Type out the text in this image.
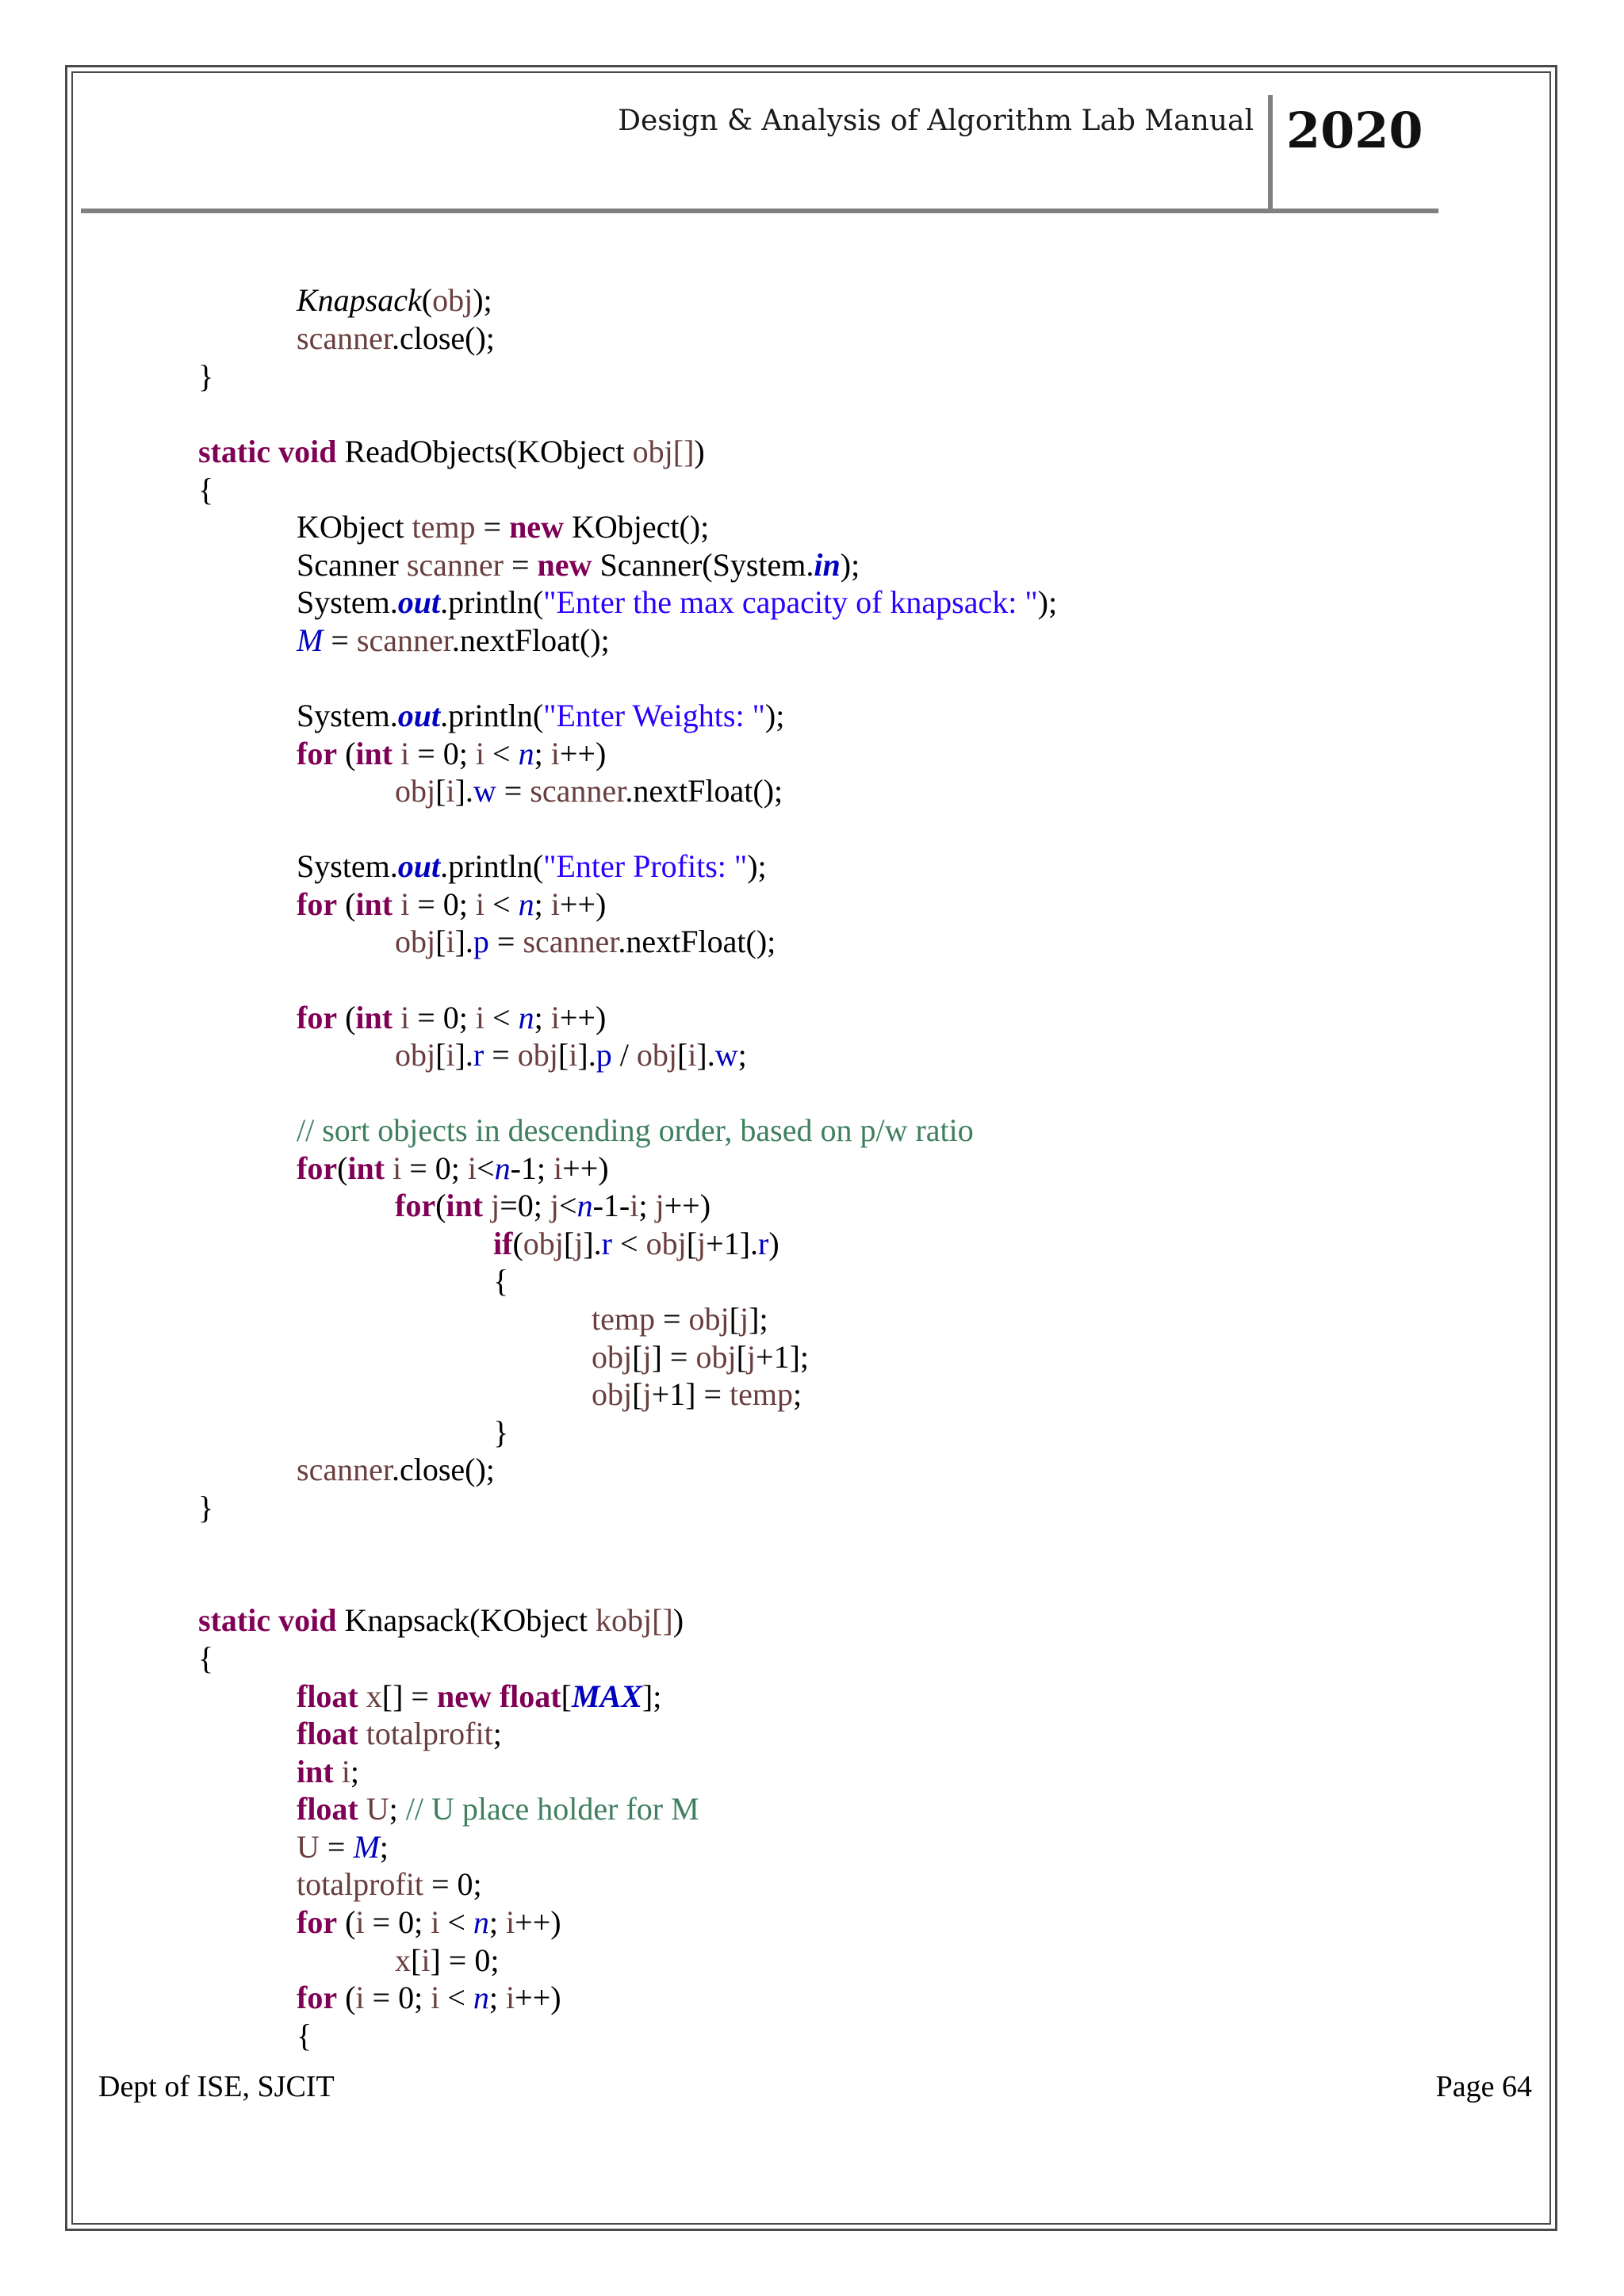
Design & Analysis of Algorithm Lab Manual 2020
Knapsack(obj);
scanner.close();
}
static void ReadObjects(KObject obj[])
{
KObject temp = new KObject();
Scanner scanner = new Scanner(System.in);
System.out.println("Enter the max capacity of knapsack: ");
M = scanner.nextFloat();
System.out.println("Enter Weights: ");
for (int i = 0; i < n; i++)
obj[i].w = scanner.nextFloat();
System.out.println("Enter Profits: ");
for (int i = 0; i < n; i++)
obj[i].p = scanner.nextFloat();
for (int i = 0; i < n; i++)
obj[i].r = obj[i].p / obj[i].w;
// sort objects in descending order, based on p/w ratio
for(int i = 0; i<n-1; i++)
for(int j=0; j<n-1-i; j++)
if(obj[j].r < obj[j+1].r)
{
temp = obj[j];
obj[j] = obj[j+1];
obj[j+1] = temp;
}
scanner.close();
}
static void Knapsack(KObject kobj[])
{
float x[] = new float[MAX];
float totalprofit;
int i;
float U; // U place holder for M
U = M;
totalprofit = 0;
for (i = 0; i < n; i++)
x[i] = 0;
for (i = 0; i < n; i++)
{
Dept of ISE, SJCIT	Page 64
